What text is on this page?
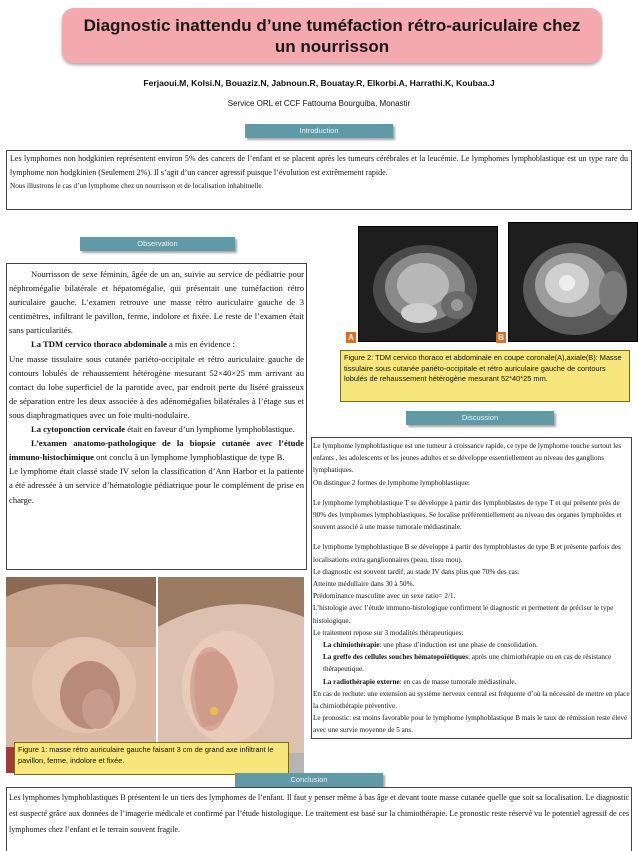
Diagnostic inattendu d’une tuméfaction rétro-auriculaire chez un nourrisson
Ferjaoui.M, Kolsi.N, Bouaziz.N, Jabnoun.R, Bouatay.R, Elkorbi.A, Harrathi.K, Koubaa.J
Service ORL et CCF Fattouma Bourguiba, Monastir
Introduction

Les lymphomes non hodgkinien représentent environ 5% des cancers de l’enfant et se placent après les tumeurs cérébrales et la leucémie. Le lymphomes lymphoblastique est un type rare du lymphome non hodgkinien (Seulement 2%). Il s’agit d’un cancer agressif puisque l’évolution est extrêmement rapide.

Nous illustrons le cas d’un lymphome chez un nourrisson et de localisation inhabituelle.

Observation

Nourrisson de sexe féminin, âgée de un an, suivie au service de pédiatrie pour néphromégalie bilatérale et hépatomégalie, qui présentait une tuméfaction rétro auriculaire gauche. L’examen retrouve une masse rétro auriculaire gauche de 3 centimètres, infiltrant le pavillon, ferme, indolore et fixée. Le reste de l’examen était sans particularités.

La TDM cervico thoraco abdominale a mis en évidence :

Une masse tissulaire sous cutanée pariéto-occipitale et rétro auriculaire gauche de contours lobulés de rehaussement hétérogène mesurant 52×40×25 mm arrivant au contact du lobe superficiel de la parotide avec, par endroit perte du liséré graisseux de séparation entre les deux associée à des adénomégalies bilatérales à l’étage sus et sous diaphragmatiques avec un foie multi-nodulaire.

La cytoponction cervicale était en faveur d’un lymphome lymphoblastique.

L’examen anatomo-pathologique de la biopsie cutanée avec l’étude immuno-histochimique ont conclu à un lymphome lymphoblastique de type B.

Le lymphome était classé stade IV selon la classification d’Ann Harbor et la patiente a été adressée à un service d’hématologie pédiatrique pour le complément de prise en charge.

A	B
Figure 2: TDM cervico thoraco et abdominale en coupe coronale(A),axiale(B): Masse tissulaire sous cutanée pariéto-occipitale et rétro auriculaire gauche de contours lobulés de rehaussement hétérogène mesurant 52*40*25 mm.
Discussion

Le lymphome lymphoblastique est une tumeur à croissance rapide, ce type de lymphome touche surtout les enfants , les adolescents et les jeunes adultes et se développe essentiellement au niveau des ganglions lymphatiques.

On distingue 2 formes de lymphome lymphoblastique:

Le lymphome lymphoblastique T se développe à partir des lymphoblastes de type T et qui présente près de 90% des lymphomes lymphoblastiques. Se localise préférentiellement au niveau des organes lymphoïdes et souvent associé à une masse tumorale médiastinale.

Le lymphome lymphoblastique B se développe à partir des lymphoblastes de type B et présente parfois des localisations extra ganglionnaires (peau, tissu mou).

Le diagnostic est souvent tardif, au stade IV dans plus que 70% des cas.

Atteinte médullaire dans 30 à 50%.

Prédominance masculine avec un sexe ratio= 2/1.

L’histologie avec l’étude immuno-histologique confirment le diagnostic et permettent de préciser le type histologique.

Le traitement repose sur 3 modalités thérapeutiques:

La chimiothérapie: une phase d’induction est une phase de consolidation.

La greffe des cellules souches hématopoïétiques: après une chimiothérapie ou en cas de résistance thérapeutique.

La radiothérapie externe: en cas de masse tumorale médiastinale.

En cas de rechute: une extension au système nerveux central est fréquente d’où la nécessité de mettre en place la chimiothérapie préventive.

Le pronostic: est moins favorable pour le lymphome lymphoblastique B mais le taux de rémission reste élevé avec une survie moyenne de 5 ans.

Figure 1: masse rétro auriculaire gauche faisant 3 cm de grand axe infiltrant le pavillon, ferme, indolore et fixée.
Conclusion

Les lymphomes lymphoblastiques B présentent le un tiers des lymphomes de l’enfant. Il faut y penser même à bas âge et devant toute masse cutanée quelle que soit sa localisation. Le diagnostic est suspecté grâce aux données de l’imagerie médicale et confirmé par l’étude histologique. Le traitement est basé sur la chimiothérapie. Le pronostic reste réservé vu le potentiel agressif de ces lymphomes chez l’enfant et le terrain souvent fragile.
